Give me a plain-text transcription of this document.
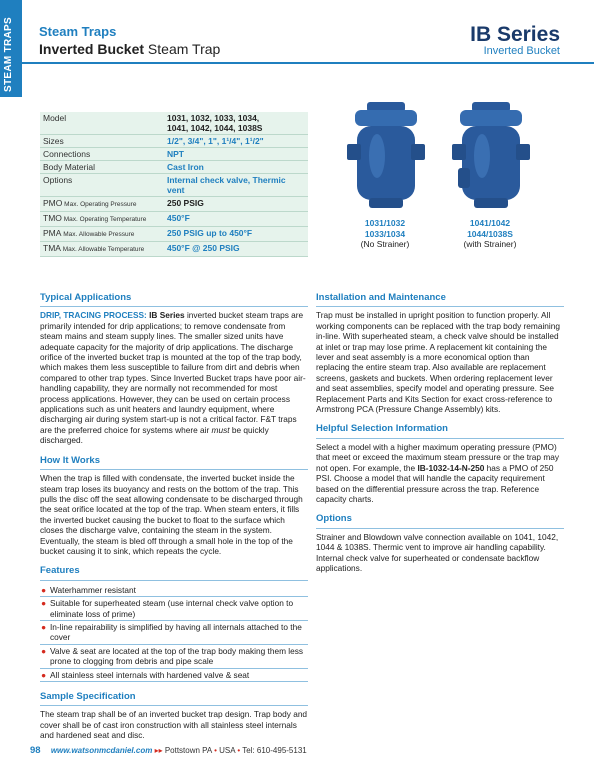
STEAM TRAPS Steam Traps
Inverted Bucket Steam Trap
IB Series
Inverted Bucket
Model	1031, 1032, 1033, 1034,
1041, 1042, 1044, 1038S
Sizes	1/2", 3/4", 1", 1¹/4", 1¹/2"
Connections	NPT
Body Material	Cast Iron
Options	Internal check valve, Thermic vent
PMO Max. Operating Pressure	250 PSIG
TMO Max. Operating Temperature	450°F
PMA Max. Allowable Pressure	250 PSIG up to 450°F
TMA Max. Allowable Temperature	450°F @ 250 PSIG
1031/1032
1033/1034
(No Strainer)
1041/1042
1044/1038S
(with Strainer)
Typical Applications

DRIP, TRACING PROCESS: IB Series inverted bucket steam traps are primarily intended for drip applications; to remove condensate from steam mains and steam supply lines. The smaller sized units have adequate capacity for the majority of drip applications. The discharge orifice of the inverted bucket trap is mounted at the top of the trap body, which makes them less susceptible to failure from dirt and debris when compared to other trap types. Since Inverted Bucket traps have poor air-handling capability, they are normally not recommended for most process applications. However, they can be used on certain process applications such as unit heaters and laundry equipment, where discharging air during system start-up is not a critical factor. F&T traps are the preferred choice for systems where air must be quickly discharged.

How It Works

When the trap is filled with condensate, the inverted bucket inside the steam trap loses its buoyancy and rests on the bottom of the trap. This pulls the disc off the seat allowing condensate to be discharged through the seat orifice located at the top of the trap. When steam enters, it fills the inverted bucket causing the bucket to float to the surface which closes the discharge valve, containing the steam in the system. Eventually, the steam is bled off through a small hole in the top of the bucket causing it to sink, which repeats the cycle.

Features
● Waterhammer resistant
● Suitable for superheated steam (use internal check valve option to eliminate loss of prime)
● In-line repairability is simplified by having all internals attached to the cover
● Valve & seat are located at the top of the trap body making them less prone to clogging from debris and pipe scale
● All stainless steel internals with hardened valve & seat
Sample Specification

The steam trap shall be of an inverted bucket trap design. Trap body and cover shall be of cast iron construction with all stainless steel internals and hardened seat and disc.

Installation and Maintenance

Trap must be installed in upright position to function properly. All working components can be replaced with the trap body remaining in-line. With superheated steam, a check valve should be installed at inlet or trap may lose prime. A replacement kit containing the lever and seat assembly is a more economical option than replacing the entire steam trap. Also available are replacement screens, gaskets and buckets. When ordering replacement lever and seat assemblies, specify model and operating pressure. See Replacement Parts and Kits Section for exact cross-reference to Armstrong PCA (Pressure Change Assembly) kits.

Helpful Selection Information

Select a model with a higher maximum operating pressure (PMO) that meet or exceed the maximum steam pressure or the trap may not open. For example, the IB-1032-14-N-250 has a PMO of 250 PSI. Choose a model that will handle the capacity requirement based on the differential pressure across the trap. Reference capacity charts.

Options

Strainer and Blowdown valve connection available on 1041, 1042, 1044 & 1038S. Thermic vent to improve air handling capability. Internal check valve for superheated or condensate backflow applications.

98 www.watsonmcdaniel.com ▸▸ Pottstown PA • USA • Tel: 610-495-5131
